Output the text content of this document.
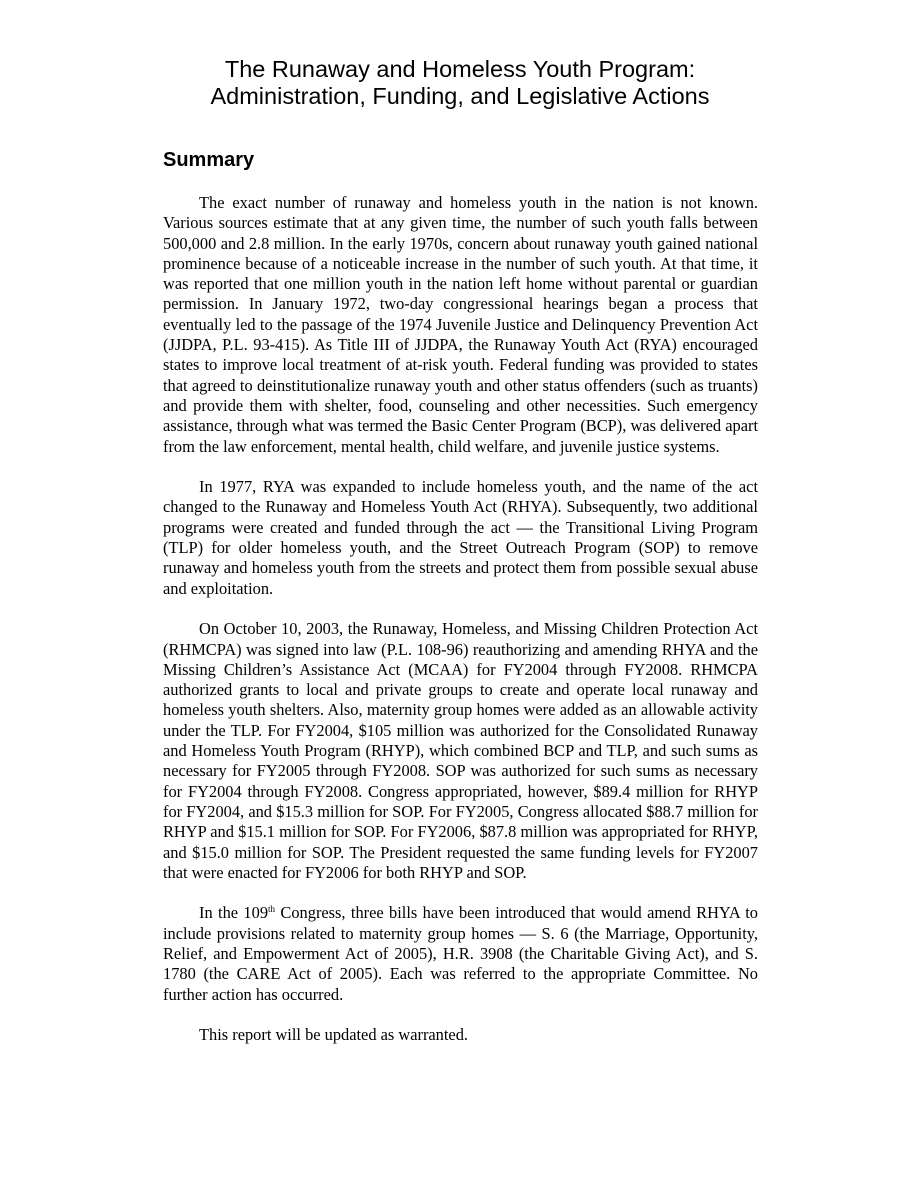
The Runaway and Homeless Youth Program:
Administration, Funding, and Legislative Actions
Summary

The exact number of runaway and homeless youth in the nation is not known. Various sources estimate that at any given time, the number of such youth falls between 500,000 and 2.8 million. In the early 1970s, concern about runaway youth gained national prominence because of a noticeable increase in the number of such youth. At that time, it was reported that one million youth in the nation left home without parental or guardian permission. In January 1972, two-day congressional hearings began a process that eventually led to the passage of the 1974 Juvenile Justice and Delinquency Prevention Act (JJDPA, P.L. 93-415). As Title III of JJDPA, the Runaway Youth Act (RYA) encouraged states to improve local treatment of at-risk youth. Federal funding was provided to states that agreed to deinstitutionalize runaway youth and other status offenders (such as truants) and provide them with shelter, food, counseling and other necessities. Such emergency assistance, through what was termed the Basic Center Program (BCP), was delivered apart from the law enforcement, mental health, child welfare, and juvenile justice systems.

In 1977, RYA was expanded to include homeless youth, and the name of the act changed to the Runaway and Homeless Youth Act (RHYA). Subsequently, two additional programs were created and funded through the act — the Transitional Living Program (TLP) for older homeless youth, and the Street Outreach Program (SOP) to remove runaway and homeless youth from the streets and protect them from possible sexual abuse and exploitation.

On October 10, 2003, the Runaway, Homeless, and Missing Children Protection Act (RHMCPA) was signed into law (P.L. 108-96) reauthorizing and amending RHYA and the Missing Children’s Assistance Act (MCAA) for FY2004 through FY2008. RHMCPA authorized grants to local and private groups to create and operate local runaway and homeless youth shelters. Also, maternity group homes were added as an allowable activity under the TLP. For FY2004, $105 million was authorized for the Consolidated Runaway and Homeless Youth Program (RHYP), which combined BCP and TLP, and such sums as necessary for FY2005 through FY2008. SOP was authorized for such sums as necessary for FY2004 through FY2008. Congress appropriated, however, $89.4 million for RHYP for FY2004, and $15.3 million for SOP. For FY2005, Congress allocated $88.7 million for RHYP and $15.1 million for SOP. For FY2006, $87.8 million was appropriated for RHYP, and $15.0 million for SOP. The President requested the same funding levels for FY2007 that were enacted for FY2006 for both RHYP and SOP.

In the 109th Congress, three bills have been introduced that would amend RHYA to include provisions related to maternity group homes — S. 6 (the Marriage, Opportunity, Relief, and Empowerment Act of 2005), H.R. 3908 (the Charitable Giving Act), and S. 1780 (the CARE Act of 2005). Each was referred to the appropriate Committee. No further action has occurred.

This report will be updated as warranted.
